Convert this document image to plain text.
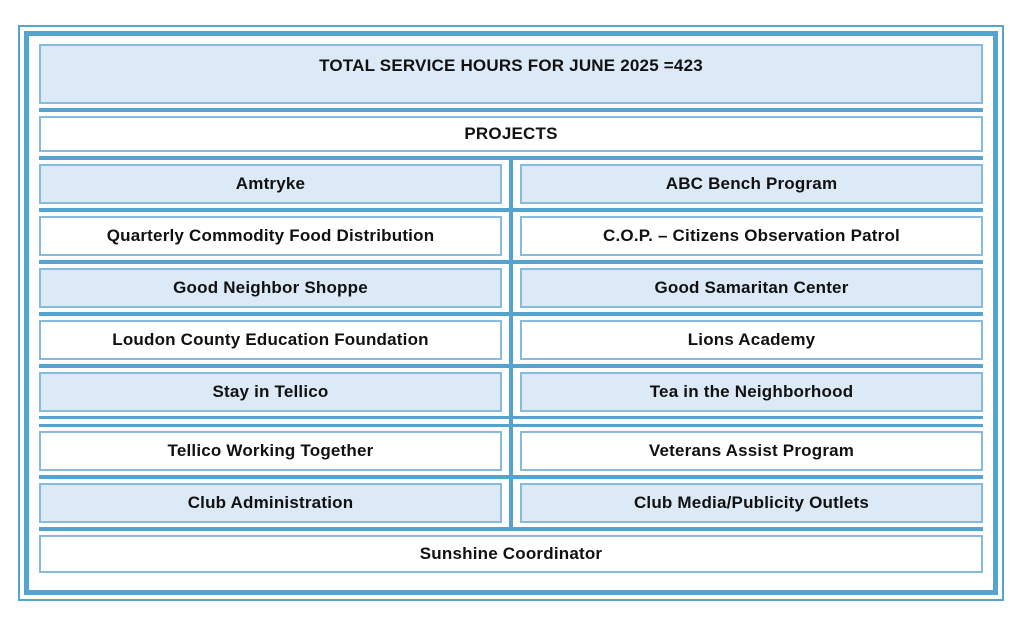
TOTAL SERVICE HOURS FOR JUNE 2025 =423
PROJECTS
Amtryke	ABC Bench Program
Quarterly Commodity Food Distribution	C.O.P. – Citizens Observation Patrol
Good Neighbor Shoppe	Good Samaritan Center
Loudon County Education Foundation	Lions Academy
Stay in Tellico	Tea in the Neighborhood
Tellico Working Together	Veterans Assist Program
Club Administration	Club Media/Publicity Outlets
Sunshine Coordinator
